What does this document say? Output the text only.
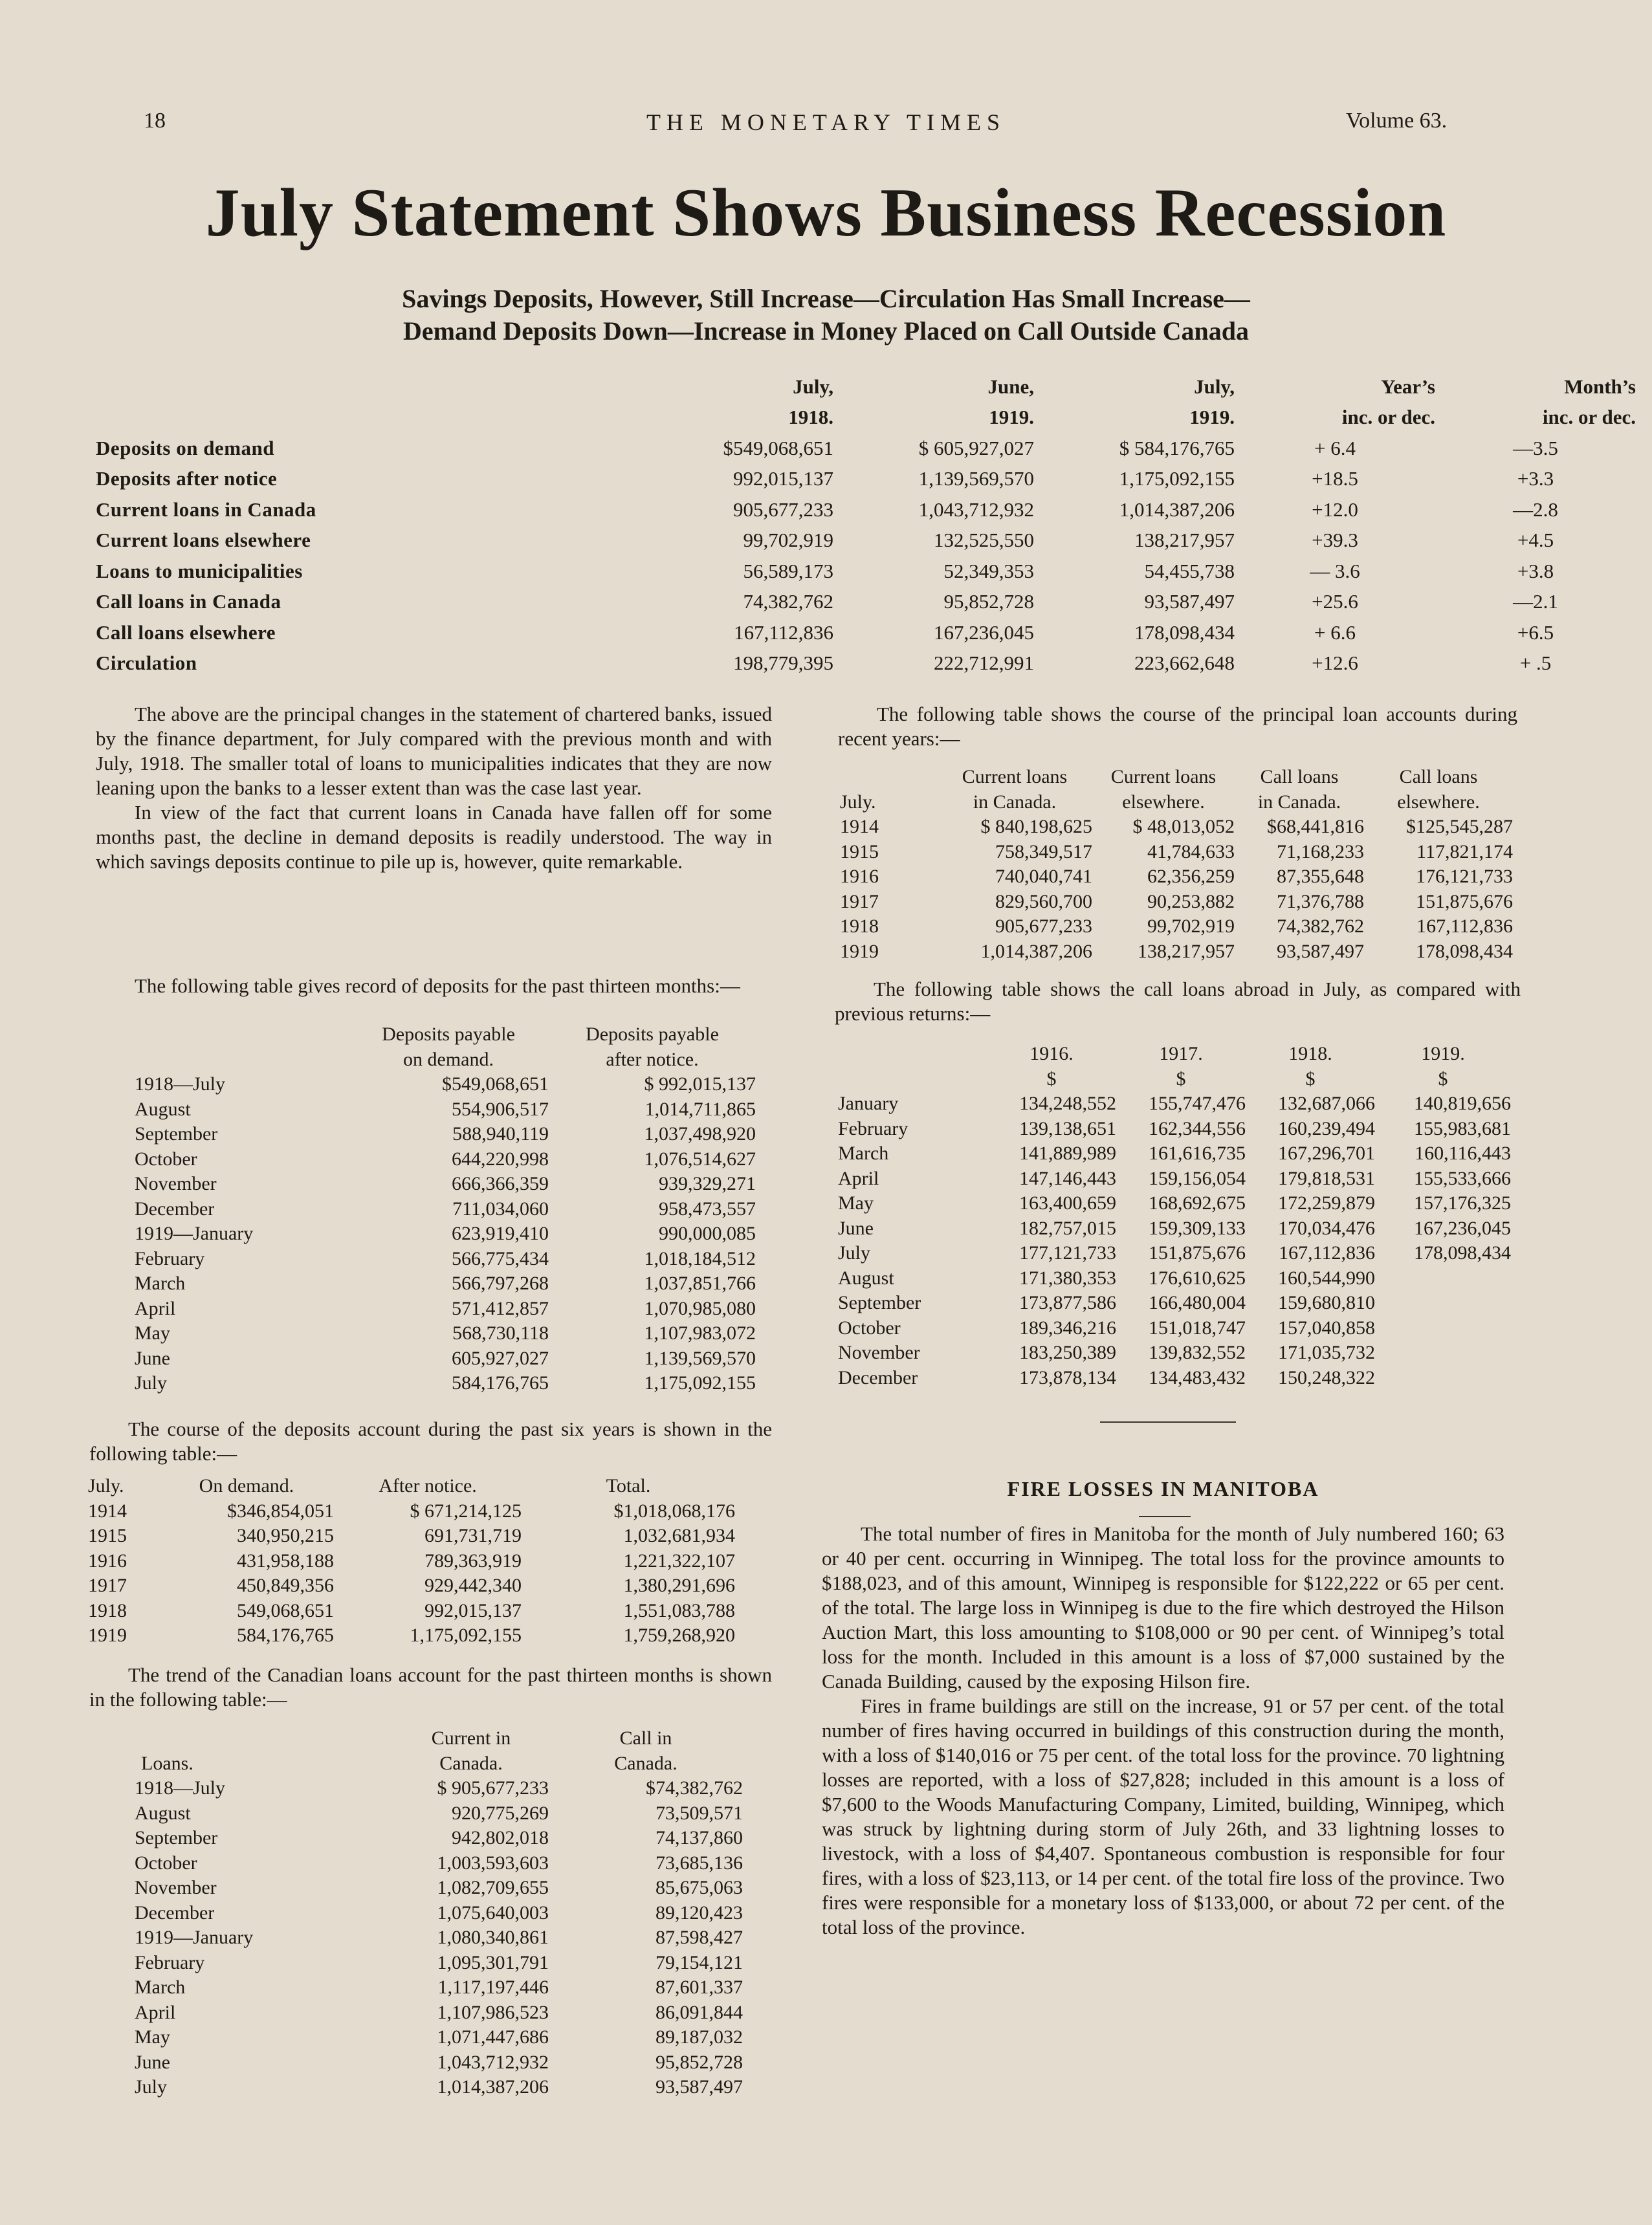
18	THE MONETARY TIMES	Volume 63.
July Statement Shows Business Recession
Savings Deposits, However, Still Increase—Circulation Has Small Increase—
Demand Deposits Down—Increase in Money Placed on Call Outside Canada
	July,	June,	July,	Year’s	Month’s
	1918.	1919.	1919.	inc. or dec.	inc. or dec.
Deposits on demand	$549,068,651	$ 605,927,027	$ 584,176,765	+ 6.4	—3.5
Deposits after notice	992,015,137	1,139,569,570	1,175,092,155	+18.5	+3.3
Current loans in Canada	905,677,233	1,043,712,932	1,014,387,206	+12.0	—2.8
Current loans elsewhere	99,702,919	132,525,550	138,217,957	+39.3	+4.5
Loans to municipalities	56,589,173	52,349,353	54,455,738	— 3.6	+3.8
Call loans in Canada	74,382,762	95,852,728	93,587,497	+25.6	—2.1
Call loans elsewhere	167,112,836	167,236,045	178,098,434	+ 6.6	+6.5
Circulation	198,779,395	222,712,991	223,662,648	+12.6	+ .5

The above are the principal changes in the statement of chartered banks, issued by the finance department, for July compared with the previous month and with July, 1918. The smaller total of loans to municipalities indicates that they are now leaning upon the banks to a lesser extent than was the case last year.

In view of the fact that current loans in Canada have fallen off for some months past, the decline in demand deposits is readily understood. The way in which savings deposits continue to pile up is, however, quite remarkable.

The following table gives record of deposits for the past thirteen months:—

	Deposits payable	Deposits payable
	on demand.	after notice.
1918—July	$549,068,651	$ 992,015,137
August	554,906,517	1,014,711,865
September	588,940,119	1,037,498,920
October	644,220,998	1,076,514,627
November	666,366,359	939,329,271
December	711,034,060	958,473,557
1919—January	623,919,410	990,000,085
February	566,775,434	1,018,184,512
March	566,797,268	1,037,851,766
April	571,412,857	1,070,985,080
May	568,730,118	1,107,983,072
June	605,927,027	1,139,569,570
July	584,176,765	1,175,092,155

The course of the deposits account during the past six years is shown in the following table:—

July.	On demand.	After notice.	Total.
1914	$346,854,051	$ 671,214,125	$1,018,068,176
1915	340,950,215	691,731,719	1,032,681,934
1916	431,958,188	789,363,919	1,221,322,107
1917	450,849,356	929,442,340	1,380,291,696
1918	549,068,651	992,015,137	1,551,083,788
1919	584,176,765	1,175,092,155	1,759,268,920

The trend of the Canadian loans account for the past thirteen months is shown in the following table:—

	Current in	Call in
Loans.	Canada.	Canada.
1918—July	$ 905,677,233	$74,382,762
August	920,775,269	73,509,571
September	942,802,018	74,137,860
October	1,003,593,603	73,685,136
November	1,082,709,655	85,675,063
December	1,075,640,003	89,120,423
1919—January	1,080,340,861	87,598,427
February	1,095,301,791	79,154,121
March	1,117,197,446	87,601,337
April	1,107,986,523	86,091,844
May	1,071,447,686	89,187,032
June	1,043,712,932	95,852,728
July	1,014,387,206	93,587,497

The following table shows the course of the principal loan accounts during recent years:—

	Current loans	Current loans	Call loans	Call loans
July.	in Canada.	elsewhere.	in Canada.	elsewhere.
1914	$ 840,198,625	$ 48,013,052	$68,441,816	$125,545,287
1915	758,349,517	41,784,633	71,168,233	117,821,174
1916	740,040,741	62,356,259	87,355,648	176,121,733
1917	829,560,700	90,253,882	71,376,788	151,875,676
1918	905,677,233	99,702,919	74,382,762	167,112,836
1919	1,014,387,206	138,217,957	93,587,497	178,098,434

The following table shows the call loans abroad in July, as compared with previous returns:—

	1916.	1917.	1918.	1919.
	$	$	$	$
January	134,248,552	155,747,476	132,687,066	140,819,656
February	139,138,651	162,344,556	160,239,494	155,983,681
March	141,889,989	161,616,735	167,296,701	160,116,443
April	147,146,443	159,156,054	179,818,531	155,533,666
May	163,400,659	168,692,675	172,259,879	157,176,325
June	182,757,015	159,309,133	170,034,476	167,236,045
July	177,121,733	151,875,676	167,112,836	178,098,434
August	171,380,353	176,610,625	160,544,990	
September	173,877,586	166,480,004	159,680,810	
October	189,346,216	151,018,747	157,040,858	
November	183,250,389	139,832,552	171,035,732	
December	173,878,134	134,483,432	150,248,322	
FIRE LOSSES IN MANITOBA

The total number of fires in Manitoba for the month of July numbered 160; 63 or 40 per cent. occurring in Winnipeg. The total loss for the province amounts to $188,023, and of this amount, Winnipeg is responsible for $122,222 or 65 per cent. of the total. The large loss in Winnipeg is due to the fire which destroyed the Hilson Auction Mart, this loss amounting to $108,000 or 90 per cent. of Winnipeg’s total loss for the month. Included in this amount is a loss of $7,000 sustained by the Canada Building, caused by the exposing Hilson fire.

Fires in frame buildings are still on the increase, 91 or 57 per cent. of the total number of fires having occurred in buildings of this construction during the month, with a loss of $140,016 or 75 per cent. of the total loss for the province. 70 lightning losses are reported, with a loss of $27,828; included in this amount is a loss of $7,600 to the Woods Manufacturing Company, Limited, building, Winnipeg, which was struck by lightning during storm of July 26th, and 33 lightning losses to livestock, with a loss of $4,407. Spontaneous combustion is responsible for four fires, with a loss of $23,113, or 14 per cent. of the total fire loss of the province. Two fires were responsible for a monetary loss of $133,000, or about 72 per cent. of the total loss of the province.
